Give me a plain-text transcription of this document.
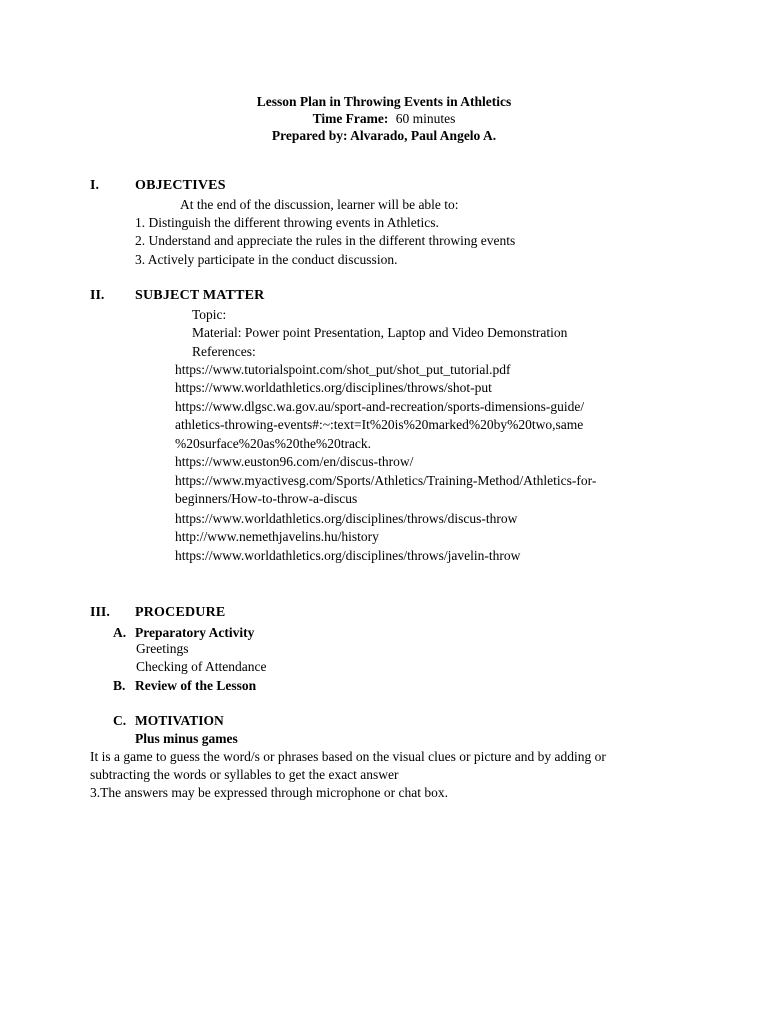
Lesson Plan in Throwing Events in Athletics
Time Frame: 60 minutes
Prepared by: Alvarado, Paul Angelo A.
I.	OBJECTIVES
At the end of the discussion, learner will be able to:
1. Distinguish the different throwing events in Athletics.
2. Understand and appreciate the rules in the different throwing events
3. Actively participate in the conduct discussion.
II. SUBJECT MATTER
Topic:
Material: Power point Presentation, Laptop and Video Demonstration
References:
https://www.tutorialspoint.com/shot_put/shot_put_tutorial.pdf
https://www.worldathletics.org/disciplines/throws/shot-put
https://www.dlgsc.wa.gov.au/sport-and-recreation/sports-dimensions-guide/
athletics-throwing-events#:~:text=It%20is%20marked%20by%20two,same
%20surface%20as%20the%20track.
https://www.euston96.com/en/discus-throw/
https://www.myactivesg.com/Sports/Athletics/Training-Method/Athletics-for-
beginners/How-to-throw-a-discus
https://www.worldathletics.org/disciplines/throws/discus-throw
http://www.nemethjavelins.hu/history
https://www.worldathletics.org/disciplines/throws/javelin-throw
III. PROCEDURE
A. Preparatory Activity
Greetings
Checking of Attendance
B. Review of the Lesson
C. MOTIVATION
Plus minus games
It is a game to guess the word/s or phrases based on the visual clues or picture and by adding or
subtracting the words or syllables to get the exact answer
3.The answers may be expressed through microphone or chat box.
